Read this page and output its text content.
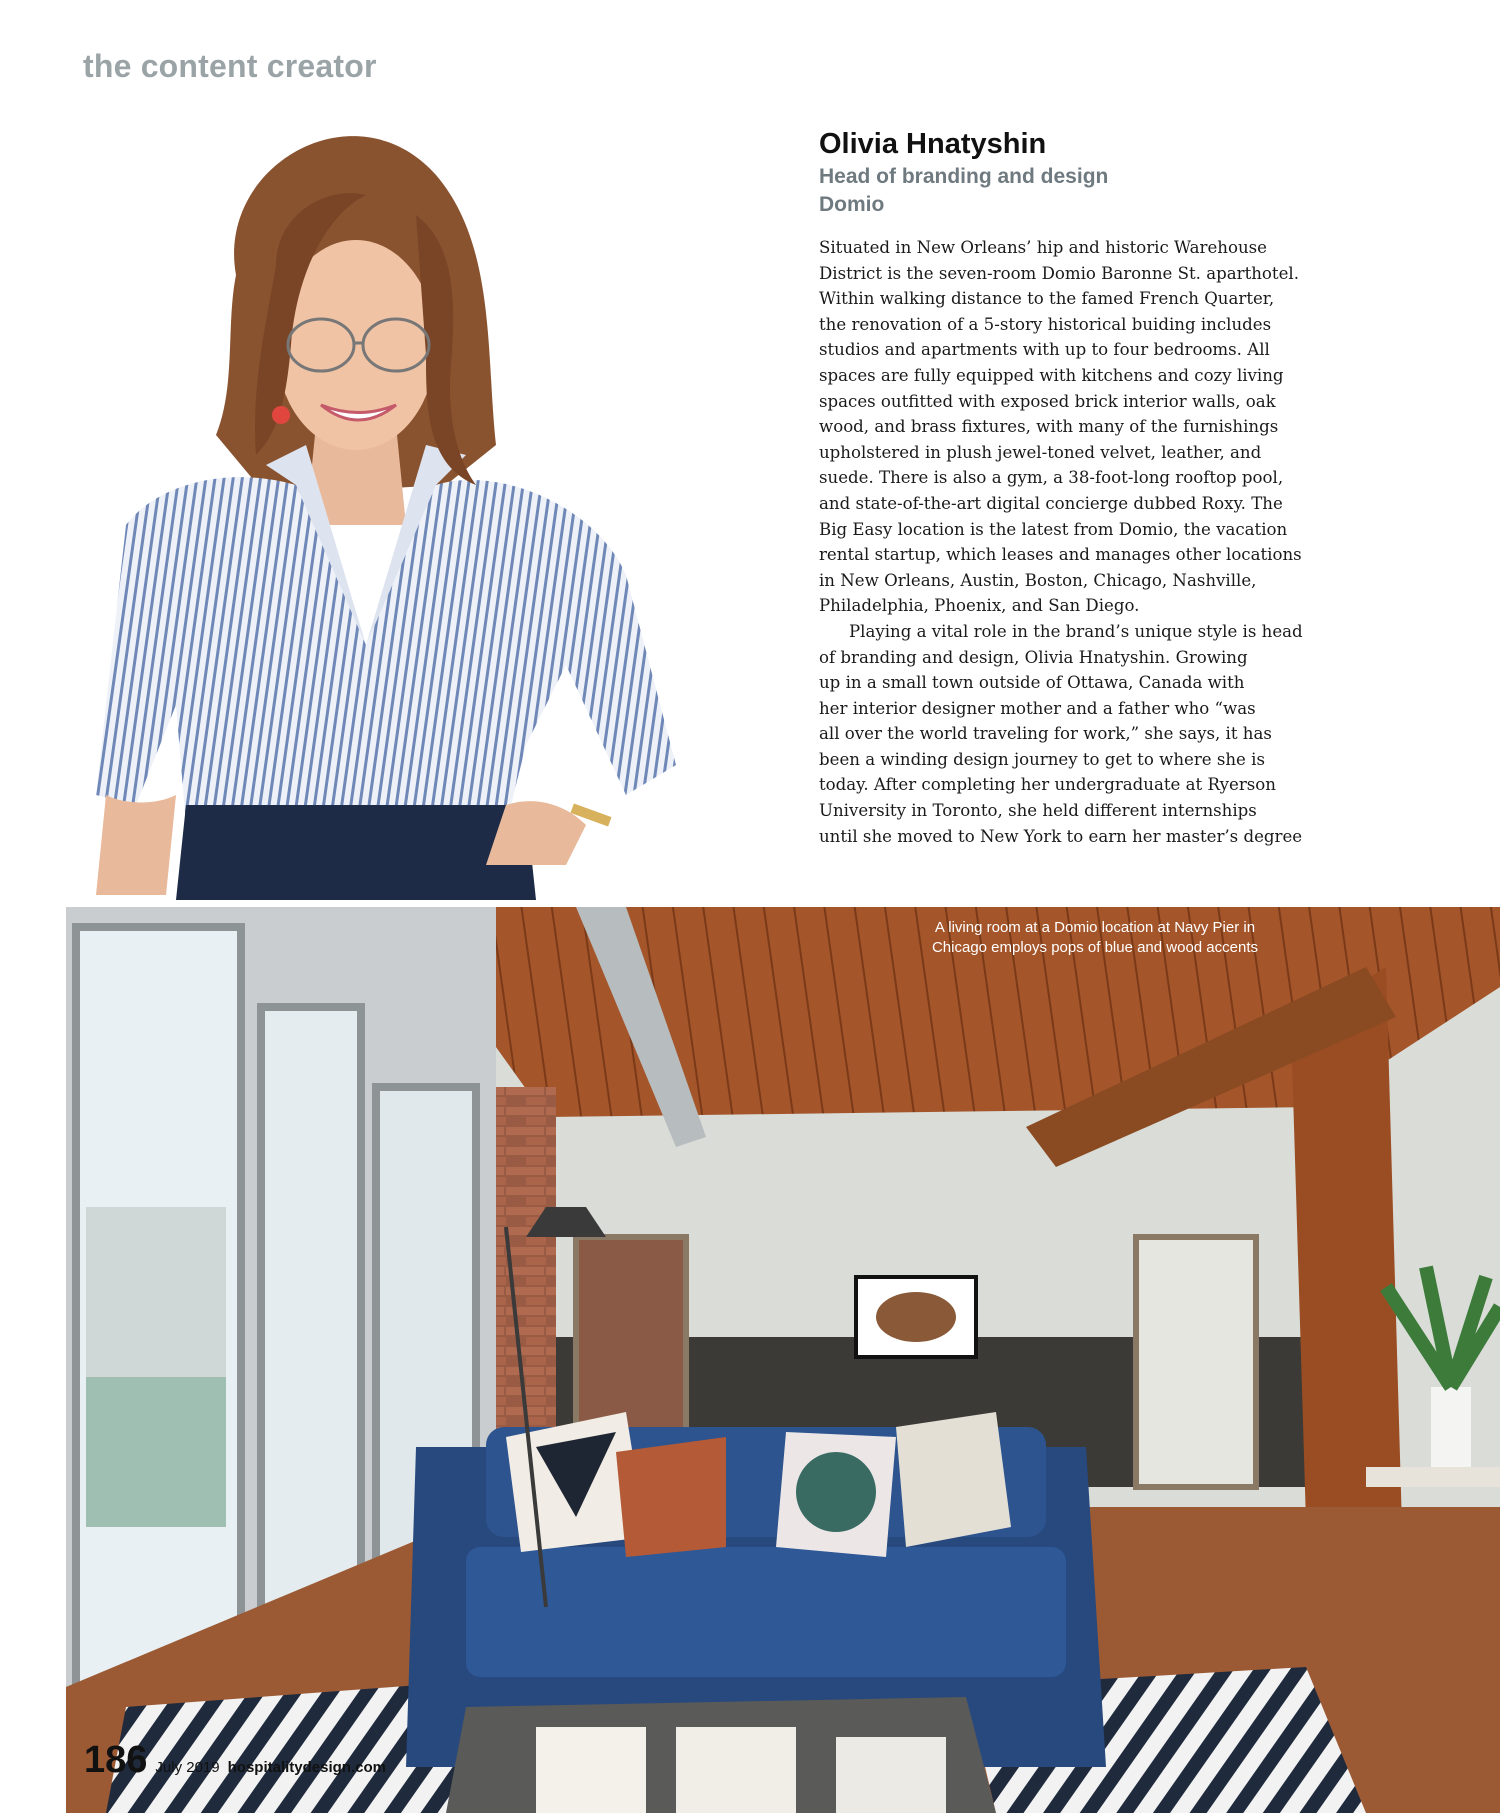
the content creator
Olivia Hnatyshin
Head of branding and design
Domio
Situated in New Orleans’ hip and historic Warehouse
District is the seven-room Domio Baronne St. aparthotel.
Within walking distance to the famed French Quarter,
the renovation of a 5-story historical buiding includes
studios and apartments with up to four bedrooms. All
spaces are fully equipped with kitchens and cozy living
spaces outfitted with exposed brick interior walls, oak
wood, and brass fixtures, with many of the furnishings
upholstered in plush jewel-toned velvet, leather, and
suede. There is also a gym, a 38-foot-long rooftop pool,
and state-of-the-art digital concierge dubbed Roxy. The
Big Easy location is the latest from Domio, the vacation
rental startup, which leases and manages other locations
in New Orleans, Austin, Boston, Chicago, Nashville,
Philadelphia, Phoenix, and San Diego.
Playing a vital role in the brand’s unique style is head
of branding and design, Olivia Hnatyshin. Growing
up in a small town outside of Ottawa, Canada with
her interior designer mother and a father who “was
all over the world traveling for work,” she says, it has
been a winding design journey to get to where she is
today. After completing her undergraduate at Ryerson
University in Toronto, she held different internships
until she moved to New York to earn her master’s degree
A living room at a Domio location at Navy Pier in
Chicago employs pops of blue and wood accents
186 July 2019 hospitalitydesign.com
